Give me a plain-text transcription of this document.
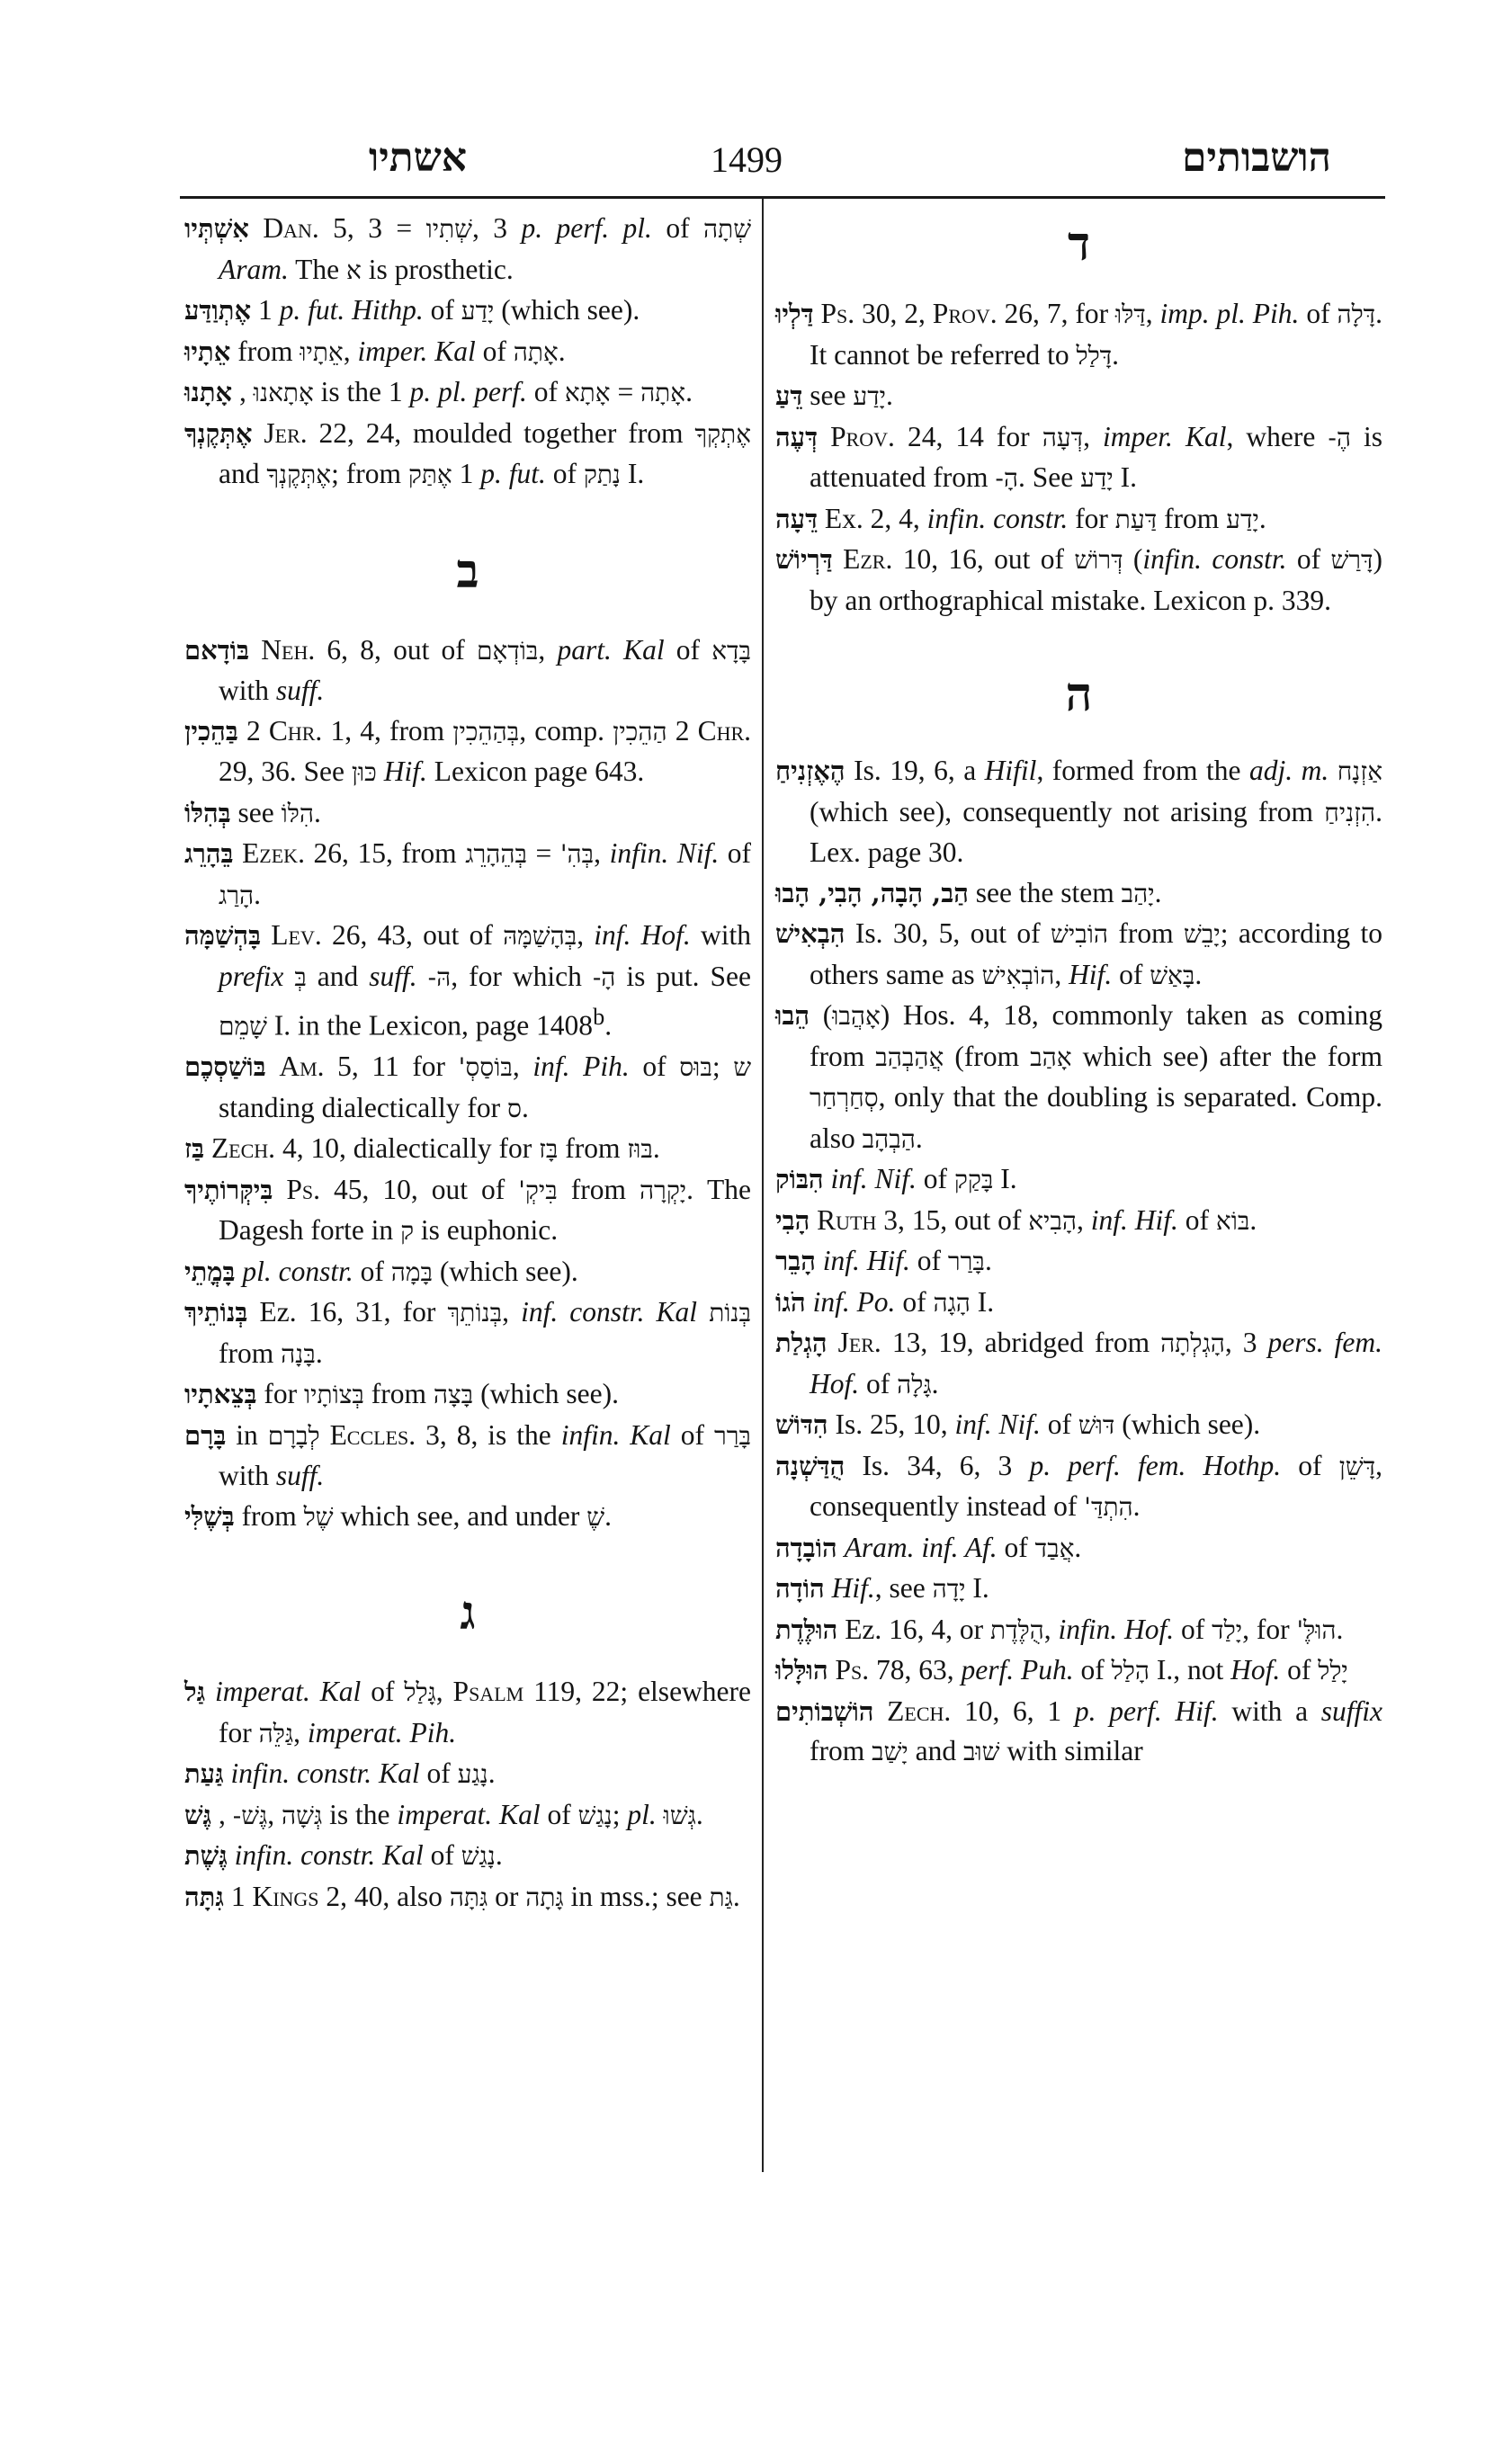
אשתיו	1499	הושבותים

אִשְׁתְּיו Dan. 5, 3 = שְׁתִיו, 3 p. perf. pl. of שְׁתָה Aram. The א is prosthetic.

אֶתְוַדַּע 1 p. fut. Hithp. of יָדַע (which see).

אֵתָיוּ from אֵתָיוּ, imper. Kal of אָתָה.

אָתָנוּ , אָתָאנוּ is the 1 p. pl. perf. of אָתָא = אָתָה.

אֶתְּקֶנְךָ Jer. 22, 24, moulded together from אֶתְקְךָ and אֶתְּקֶנְךָ; from אֶתַּק 1 p. fut. of נָתַק I.

ב

בּוֹדָאם Neh. 6, 8, out of בּוֹדְאָם, part. Kal of בָּדָא with suff.

בַּהֵכִין 2 Chr. 1, 4, from בְּהַהֵכִין, comp. הַהֵכִין 2 Chr. 29, 36. See כּוּן Hif. Lexicon page 643.

בְּהִלּוֹ see הִלּוֹ.

בֵּהָרֵג Ezek. 26, 15, from בְּהֵהָרֵג = בְּהִ', infin. Nif. of הָרַג.

בָּהְשַׁמָּה Lev. 26, 43, out of בְּהָשַׁמָּהּ, inf. Hof. with prefix בְּ and suff. הּ-, for which הָ- is put. See שָׁמֵם I. in the Lexicon, page 1408$^b$.

בּוֹשַׁסְכֶם Am. 5, 11 for בּוֹסַסְ', inf. Pih. of בּוּס; ש standing dialectically for ס.

בַּז Zech. 4, 10, dialectically for בָּז from בּוּז.

בִּיקְּרוֹתֶיךָ Ps. 45, 10, out of בִּיקְ' from יָקְרָה. The Dagesh forte in ק is euphonic.

בָּמֳתֵי pl. constr. of בָּמָה (which see).

בְּנוֹתֵיךְ Ez. 16, 31, for בְּנוֹתֵךְ, inf. constr. Kal בְּנוֹת from בָּנָה.

בְּצֵאתָיו for בְּצוֹתָיו from בָּצָה (which see).

בָּרָם in לְבָרָם Eccles. 3, 8, is the infin. Kal of בָּרַר with suff.

בְּשֶׁלִּי from שֶׁל which see, and under שֶׁ.

ג

גַּל imperat. Kal of גָּלַל, Psalm 119, 22; elsewhere for גַּלֵּה, imperat. Pih.

גַּעַת infin. constr. Kal of נָגַע.

גֶּשׁ , גֶּשׁ-, גְּשָׁה is the imperat. Kal of נָגַשׁ; pl. גְּשׁוּ.

גֶּשֶׁת infin. constr. Kal of נָגַשׁ.

גִּתָּה 1 Kings 2, 40, also גִּתָּה or גָּתָה in mss.; see גַּת.

ד

דַּלְיוּ Ps. 30, 2, Prov. 26, 7, for דַּלּוּ, imp. pl. Pih. of דָּלָה. It cannot be referred to דָּלַל.

דֵּעַ see יָדַע.

דְּעֶה Prov. 24, 14 for דְּעָה, imper. Kal, where הֶ- is attenuated from הָ-. See יָדַע I.

דֵּעָה Ex. 2, 4, infin. constr. for דַּעַת from יָדַע.

דַּרְיוֹשׁ Ezr. 10, 16, out of דְּרוֹשׁ (infin. constr. of דָּרַשׁ) by an orthographical mistake. Lexicon p. 339.

ה

הֶאֶזְנִיחַ Is. 19, 6, a Hifil, formed from the adj. m. אַזְנָח (which see), consequently not arising from הִזְנִיחַ. Lex. page 30.

הַב, הָבָה, הָבִי, הָבוּ see the stem יָהַב.

הִבְאִישׁ Is. 30, 5, out of הוֹבִישׁ from יָבֵשׁ; according to others same as הוֹבְאִישׁ, Hif. of בָּאַשׁ.

הֵבוּ (אָהֲבוּ) Hos. 4, 18, commonly taken as coming from אֲהַבְהַב (from אָהַב which see) after the form סְחַרְחַר, only that the doubling is separated. Comp. also הַבְהָב.

הִבּוֹק inf. Nif. of בָּקַק I.

הָבִי Ruth 3, 15, out of הָבִיא, inf. Hif. of בּוֹא.

הָבֵר inf. Hif. of בָּרַר.

הֹגוֹ inf. Po. of הָגָה I.

הָגְלַת Jer. 13, 19, abridged from הָגְלְתָה, 3 pers. fem. Hof. of גָּלָה.

הִדּוֹשׁ Is. 25, 10, inf. Nif. of דּוּשׁ (which see).

הֻדַּשְׁנָה Is. 34, 6, 3 p. perf. fem. Hothp. of דָּשֵׁן, consequently instead of הִתְדַּ'.

הוֹבָדָה Aram. inf. Af. of אֲבַד.

הוֹדָה Hif., see יָדָה I.

הוּלֶּדֶת Ez. 16, 4, or הֻלֶּדֶת, infin. Hof. of יָלַד, for הוּלֶּ'.

הוּלָּלוּ Ps. 78, 63, perf. Puh. of הָלַל I., not Hof. of יָלַל

הוֹשְׁבוֹתִים Zech. 10, 6, 1 p. perf. Hif. with a suffix from יָשַׁב and שׁוּב with similar
